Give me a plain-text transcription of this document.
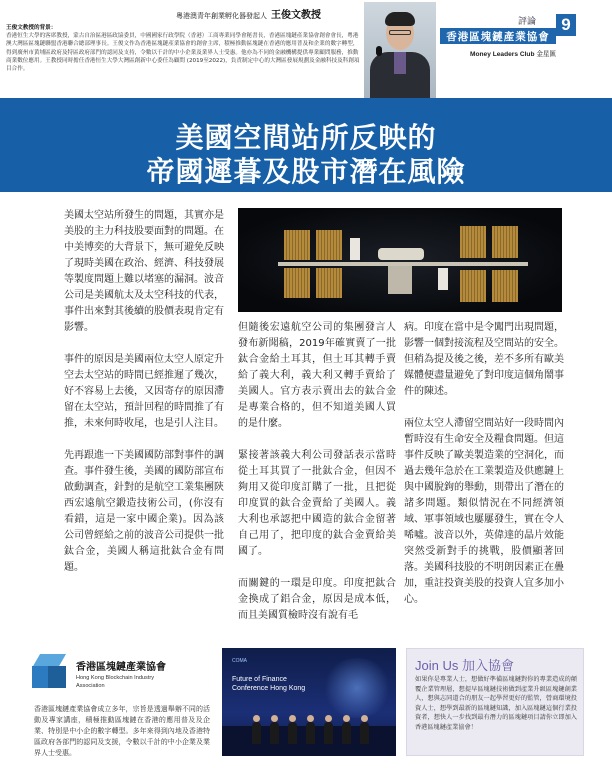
粵港澳青年創業孵化器發起人 王俊文教授
王俊文教授的背景：
香港恒生大學的客席教授，蒙古自治區港區政協委員，中國國家行政學院（香港）工商專業同學會秘書長，香港區塊鏈產業協會創會會長，粵港澳大灣區區塊鏈聯盟香港聯合總部理事長。王俊文作為香港區塊鏈產業協會的創會主席，積極推動區塊鏈在香港的應用普及和企業的數字轉型，得到廣州市黃埔區政府及特區政府部門的認同及支持，令數以千計的中小企業及業界人士受惠。他亦為不同的金融機構提供專業顧問服務，推動商業數位應用。王教授同時擔任香港恒生大學大灣區創新中心委任為顧問 (2019至2022)，負責制定中心的大灣區發展規劃及金融科技及科創項目合作。
評論	9
香港區塊鏈產業協會
Money Leaders Club 金星匯
美國空間站所反映的
帝國遲暮及股市潛在風險

美國太空站所發生的問題，其實亦是美股的主力科技股要面對的問題。在中美博奕的大背景下，無可避免反映了現時美國在政治、經濟、科技發展等製度問題上難以堵塞的漏洞。波音公司是美國航太及太空科技的代表，事件出來對其後續的股價表現肯定有影響。

事件的原因是美國兩位太空人原定升空去太空站的時間已經推遲了幾次，好不容易上去後，又因寄存的原因滯留在太空站，預計回程的時間推了有推，未來何時收尾，也是引人注目。

先再跟進一下美國國防部對事件的調查。事件發生後，美國的國防部宣布啟動調查，針對的是航空工業集團陝西宏遠航空鍛造技術公司，(你沒有看錯，這是一家中國企業)。因為該公司曾經給之前的波音公司提供一批鈦合金，美國人稱這批鈦合金有問題。

但隨後宏遠航空公司的集團發言人發布新聞稿，2019年確實賣了一批鈦合金給土耳其，但土耳其轉手賣給了義大利，義大利又轉手賣給了美國人。官方表示賣出去的鈦合金是專業合格的，但不知道美國人買的是什麼。

緊接著該義大利公司發話表示當時從土耳其買了一批鈦合金，但因不夠用又從印度訂購了一批，且把從印度買的鈦合金賣給了美國人。義大利也承認把中國造的鈦合金留著自己用了，把印度的鈦合金賣給美國了。

而關鍵的一環是印度。印度把鈦合金換成了鋁合金，原因是成本低，而且美國質檢時沒有說有毛

病。印度在當中是令闖門出現問題，影響一個對接流程及空間站的安全。但稍為提及後之後，差不多所有歐美媒體便盡量避免了對印度這個角鬧事件的陳述。

兩位太空人滯留空間站好一段時間內暫時沒有生命安全及糧食問題。但這事件反映了歐美製造業的空洞化，而過去幾年急於在工業製造及供應鏈上與中國脫鉤的舉動，則帶出了潛在的諸多問題。類似情況在不同經濟領域、軍事領域也屢屢發生，實在令人唏噓。波音以外，英偉達的晶片效能突然受新對手的挑戰，股價顯著回落。美國科技股的不明朗因素正在疊加，重註投資美股的投資人宜多加小心。

香港區塊鏈產業協會
Hong Kong Blockchain Industry
Association
香港區塊鏈產業協會成立多年，宗旨是透過舉辦不同的活動及專家講座，積極推動區塊鏈在香港的應用普及及企業、特別是中小企的數字轉型。多年來得到內地及香港特區政府各部門的認同及支援，令數以千計的中小企業及業界人士受惠。
COMA
Future of Finance
Conference Hong Kong
Join Us 加入協會
如果你是專業人士，想做好準備區塊鏈對你的專業造成的顛覆企業管理層，想提早區塊鏈技術做到產業升級區塊鏈創業人，想與志同道合的朋友一起學習更好的監管，營商環境投資人士，想學到最新的區塊鏈知識，加入區塊鏈這個行業投資者，想快人一步找到最有潛力的區塊鏈項目請你立即加入香港區塊鏈產業協會！
